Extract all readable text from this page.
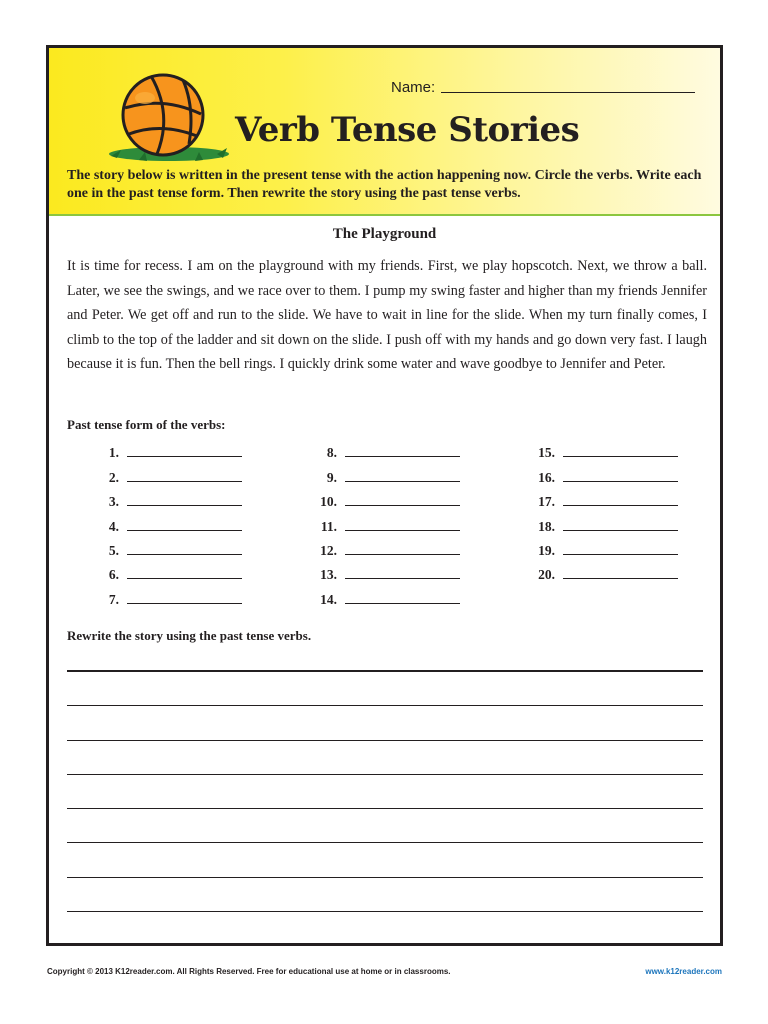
Name:
Verb Tense Stories
The story below is written in the present tense with the action happening now. Circle the verbs. Write each one in the past tense form. Then rewrite the story using the past tense verbs.
The Playground

It is time for recess. I am on the playground with my friends. First, we play hopscotch. Next, we throw a ball. Later, we see the swings, and we race over to them. I pump my swing faster and higher than my friends Jennifer and Peter. We get off and run to the slide. We have to wait in line for the slide. When my turn finally comes, I climb to the top of the ladder and sit down on the slide. I push off with my hands and go down very fast. I laugh because it is fun. Then the bell rings. I quickly drink some water and wave goodbye to Jennifer and Peter.

Past tense form of the verbs:
1.
2.
3.
4.
5.
6.
7.
8.
9.
10.
11.
12.
13.
14.
15.
16.
17.
18.
19.
20.
Rewrite the story using the past tense verbs.
Copyright © 2013 K12reader.com. All Rights Reserved. Free for educational use at home or in classrooms.	www.k12reader.com
